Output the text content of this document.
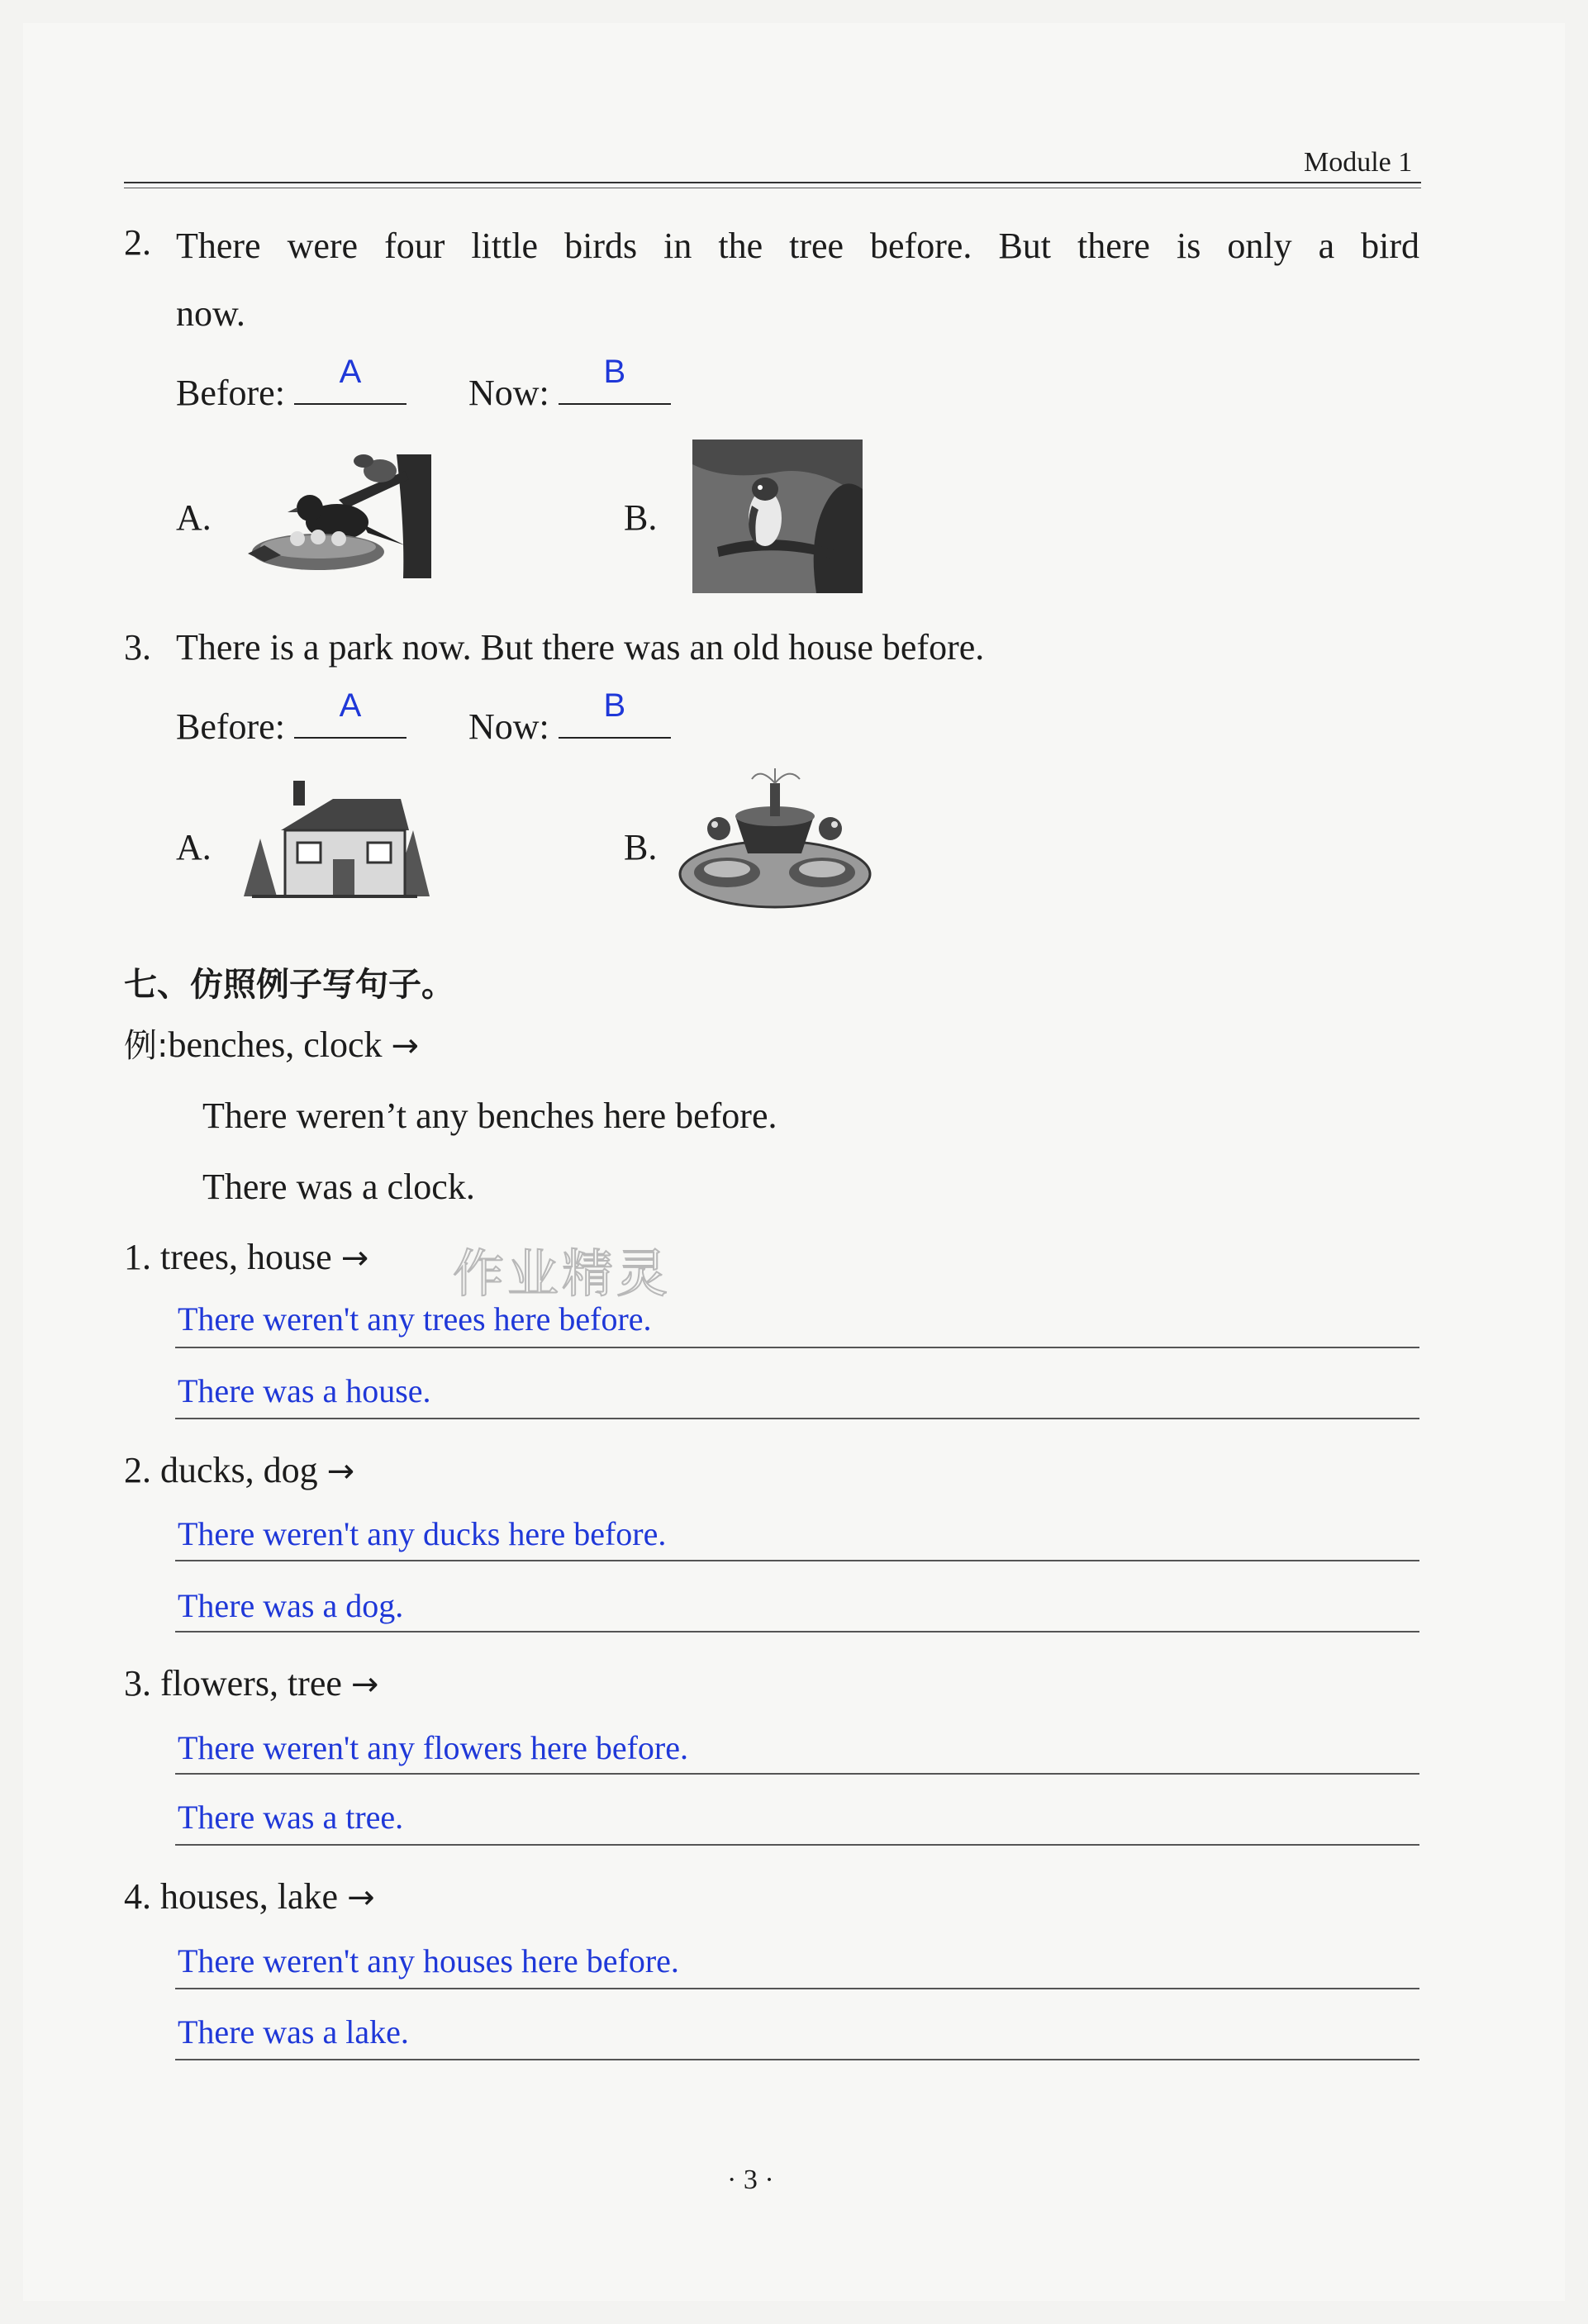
Module 1
2. There were four little birds in the tree before. But there is only a bird
now.
Before:
A
Now:
B
A.	B.
3. There is a park now. But there was an old house before.
Before:
A
Now:
B
A.	B.
七、仿照例子写句子。
例:benches, clock →
There weren’t any benches here before.
There was a clock.
1. trees, house → 作业精灵
There weren't any trees here before.
There was a house.
2. ducks, dog →
There weren't any ducks here before.
There was a dog.
3. flowers, tree →
There weren't any flowers here before.
There was a tree.
4. houses, lake →
There weren't any houses here before.
There was a lake.
· 3 ·
